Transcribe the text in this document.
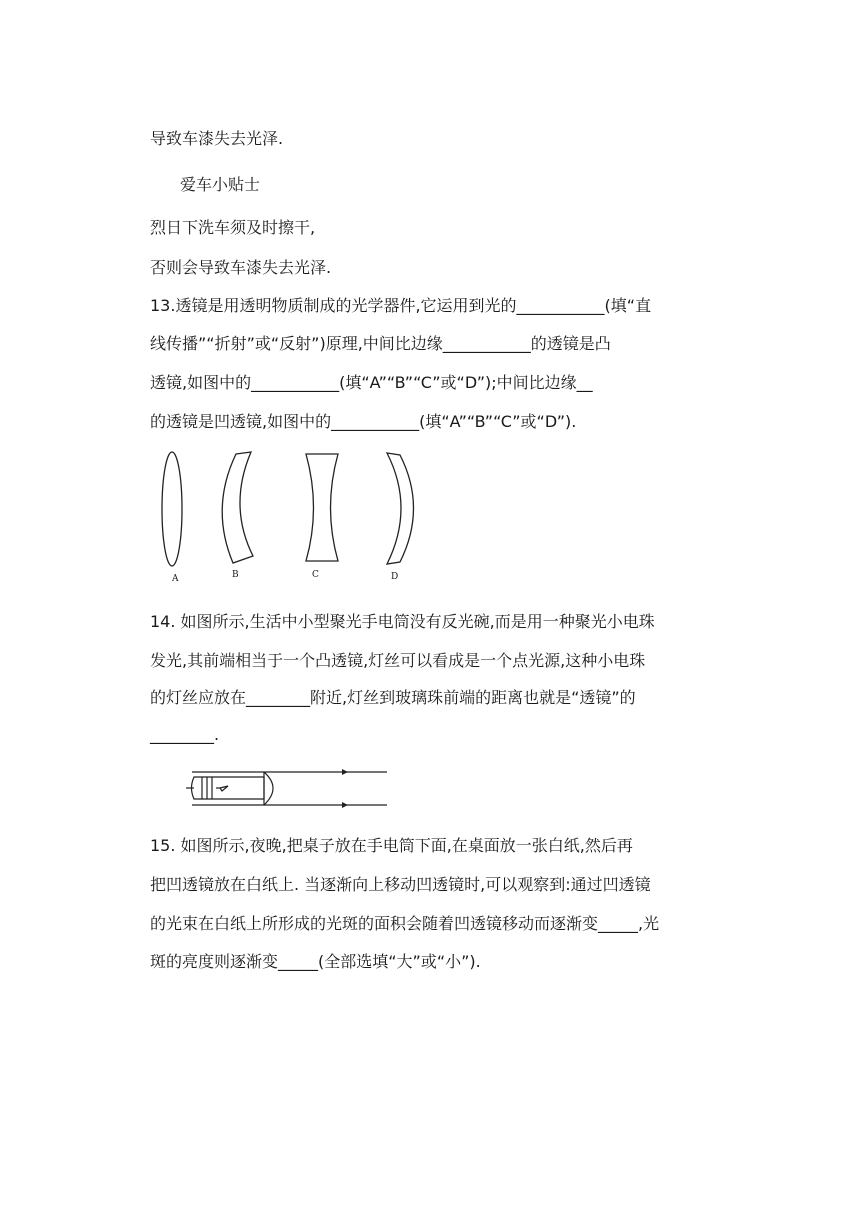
导致车漆失去光泽.
爱车小贴士
烈日下洗车须及时擦干,
否则会导致车漆失去光泽.
13.透镜是用透明物质制成的光学器件,它运用到光的___________(填“直
线传播”“折射”或“反射”)原理,中间比边缘___________的透镜是凸
透镜,如图中的___________(填“A”“B”“C”或“D”);中间比边缘__
的透镜是凹透镜,如图中的___________(填“A”“B”“C”或“D”).
A	B	C	D
14. 如图所示,生活中小型聚光手电筒没有反光碗,而是用一种聚光小电珠
发光,其前端相当于一个凸透镜,灯丝可以看成是一个点光源,这种小电珠
的灯丝应放在________附近,灯丝到玻璃珠前端的距离也就是“透镜”的
________.
15. 如图所示,夜晚,把桌子放在手电筒下面,在桌面放一张白纸,然后再
把凹透镜放在白纸上. 当逐渐向上移动凹透镜时,可以观察到:通过凹透镜
的光束在白纸上所形成的光斑的面积会随着凹透镜移动而逐渐变_____,光
斑的亮度则逐渐变_____(全部选填“大”或“小”).
